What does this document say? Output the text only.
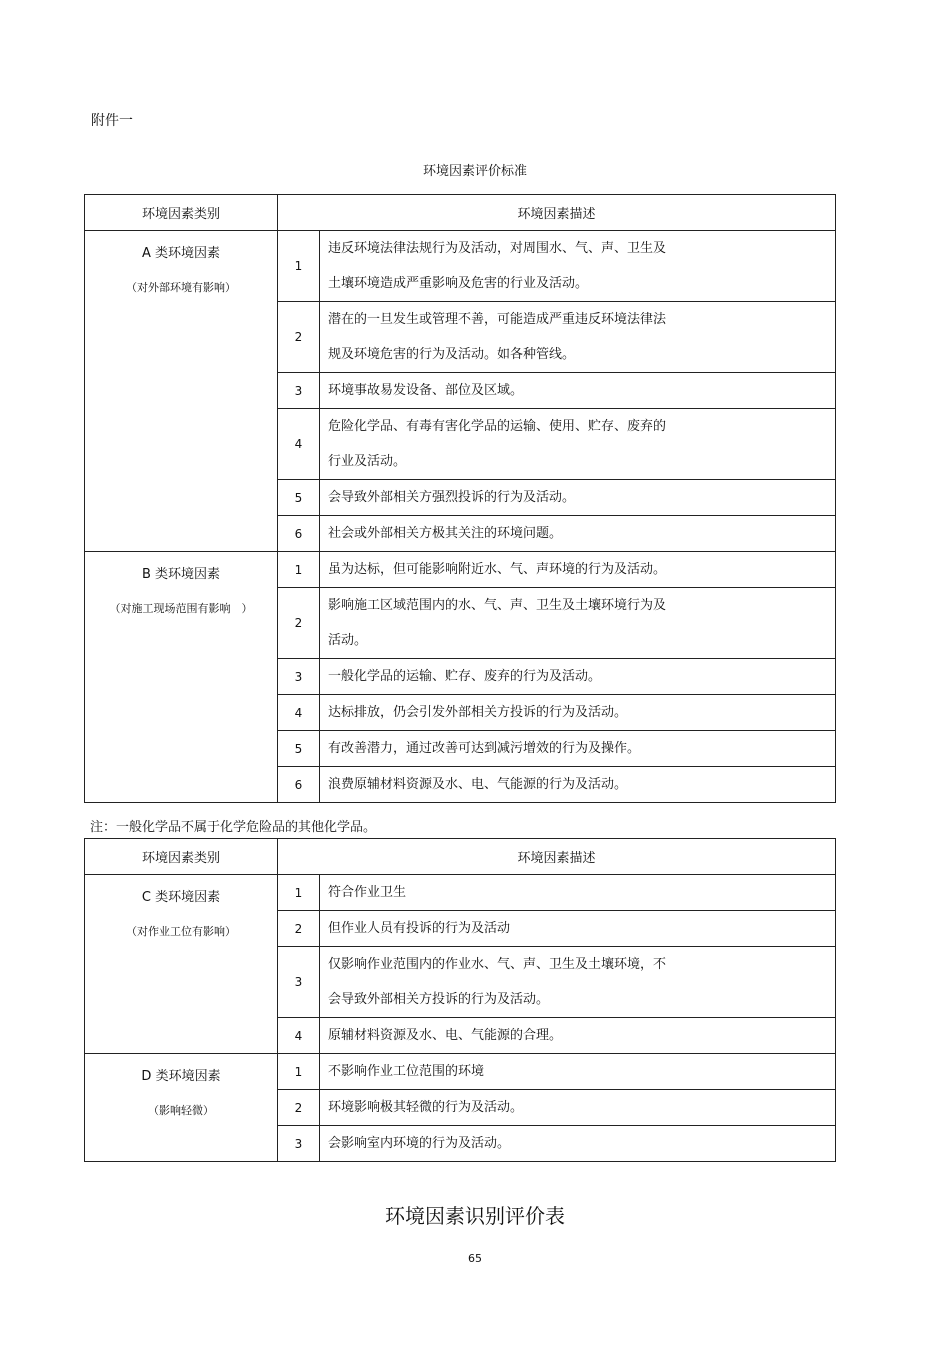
附件一
环境因素评价标准
环境因素类别	环境因素描述	

A 类环境因素
（对外部环境有影响）	1	违反环境法律法规行为及活动，对周围水、气、声、卫生及
土壤环境造成严重影响及危害的行业及活动。

	2	潜在的一旦发生或管理不善，可能造成严重违反环境法律法
规及环境危害的行为及活动。如各种管线。

	3	环境事故易发设备、部位及区域。

	4	危险化学品、有毒有害化学品的运输、使用、贮存、废弃的
行业及活动。

	5	会导致外部相关方强烈投诉的行为及活动。

	6	社会或外部相关方极其关注的环境问题。

B 类环境因素
（对施工现场范围有影响　）	1	虽为达标，但可能影响附近水、气、声环境的行为及活动。

	2	影响施工区域范围内的水、气、声、卫生及土壤环境行为及
活动。

	3	一般化学品的运输、贮存、废弃的行为及活动。

	4	达标排放，仍会引发外部相关方投诉的行为及活动。

	5	有改善潜力，通过改善可达到减污增效的行为及操作。

	6	浪费原辅材料资源及水、电、气能源的行为及活动。
注：一般化学品不属于化学危险品的其他化学品。
环境因素类别	环境因素描述	

C 类环境因素
（对作业工位有影响）	1	符合作业卫生

	2	但作业人员有投诉的行为及活动

	3	仅影响作业范围内的作业水、气、声、卫生及土壤环境，不
会导致外部相关方投诉的行为及活动。

	4	原辅材料资源及水、电、气能源的合理。

D 类环境因素
（影响轻微）	1	不影响作业工位范围的环境

	2	环境影响极其轻微的行为及活动。

	3	会影响室内环境的行为及活动。
环境因素识别评价表
65
